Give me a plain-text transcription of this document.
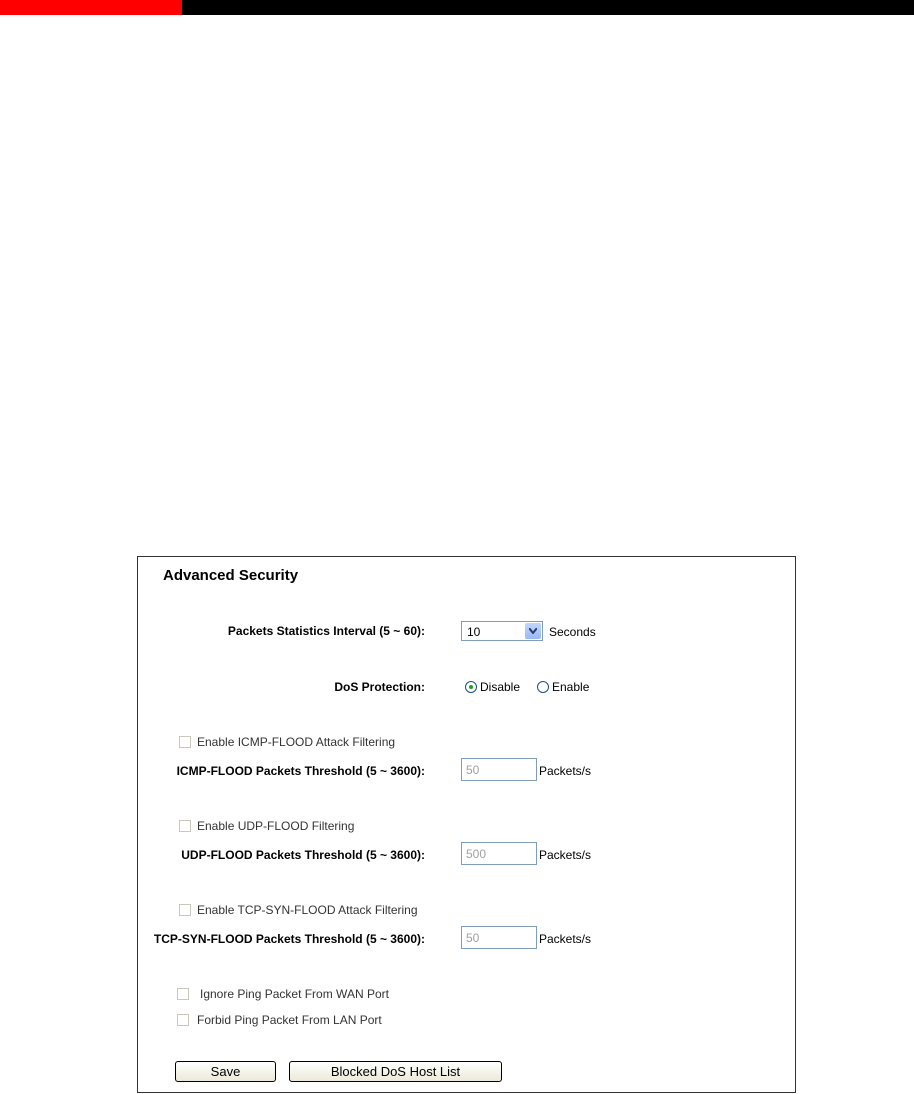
Advanced Security
Packets Statistics Interval (5 ~ 60):	10	Seconds
DoS Protection:	Disable	Enable
Enable ICMP-FLOOD Attack Filtering
ICMP-FLOOD Packets Threshold (5 ~ 3600):	50	Packets/s
Enable UDP-FLOOD Filtering
UDP-FLOOD Packets Threshold (5 ~ 3600):	500	Packets/s
Enable TCP-SYN-FLOOD Attack Filtering
TCP-SYN-FLOOD Packets Threshold (5 ~ 3600):	50	Packets/s
Ignore Ping Packet From WAN Port
Forbid Ping Packet From LAN Port
Save	Blocked DoS Host List
